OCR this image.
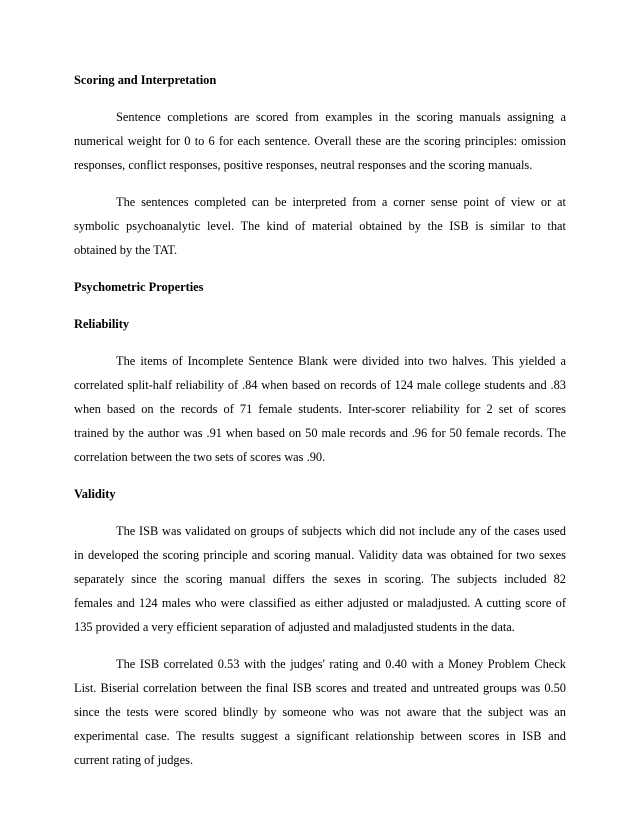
Scoring and Interpretation
Sentence completions are scored from examples in the scoring manuals assigning a
numerical weight for 0 to 6 for each sentence. Overall these are the scoring principles: omission
responses, conflict responses, positive responses, neutral responses and the scoring manuals.
The sentences completed can be interpreted from a corner sense point of view or at
symbolic psychoanalytic level. The kind of material obtained by the ISB is similar to that
obtained by the TAT.
Psychometric Properties
Reliability
The items of Incomplete Sentence Blank were divided into two halves. This yielded a
correlated split-half reliability of .84 when based on records of 124 male college students and .83
when based on the records of 71 female students. Inter-scorer reliability for 2 set of scores
trained by the author was .91 when based on 50 male records and .96 for 50 female records. The
correlation between the two sets of scores was .90.
Validity
The ISB was validated on groups of subjects which did not include any of the cases used
in developed the scoring principle and scoring manual. Validity data was obtained for two sexes
separately since the scoring manual differs the sexes in scoring. The subjects included 82
females and 124 males who were classified as either adjusted or maladjusted. A cutting score of
135 provided a very efficient separation of adjusted and maladjusted students in the data.
The ISB correlated 0.53 with the judges' rating and 0.40 with a Money Problem Check
List. Biserial correlation between the final ISB scores and treated and untreated groups was 0.50
since the tests were scored blindly by someone who was not aware that the subject was an
experimental case. The results suggest a significant relationship between scores in ISB and
current rating of judges.
